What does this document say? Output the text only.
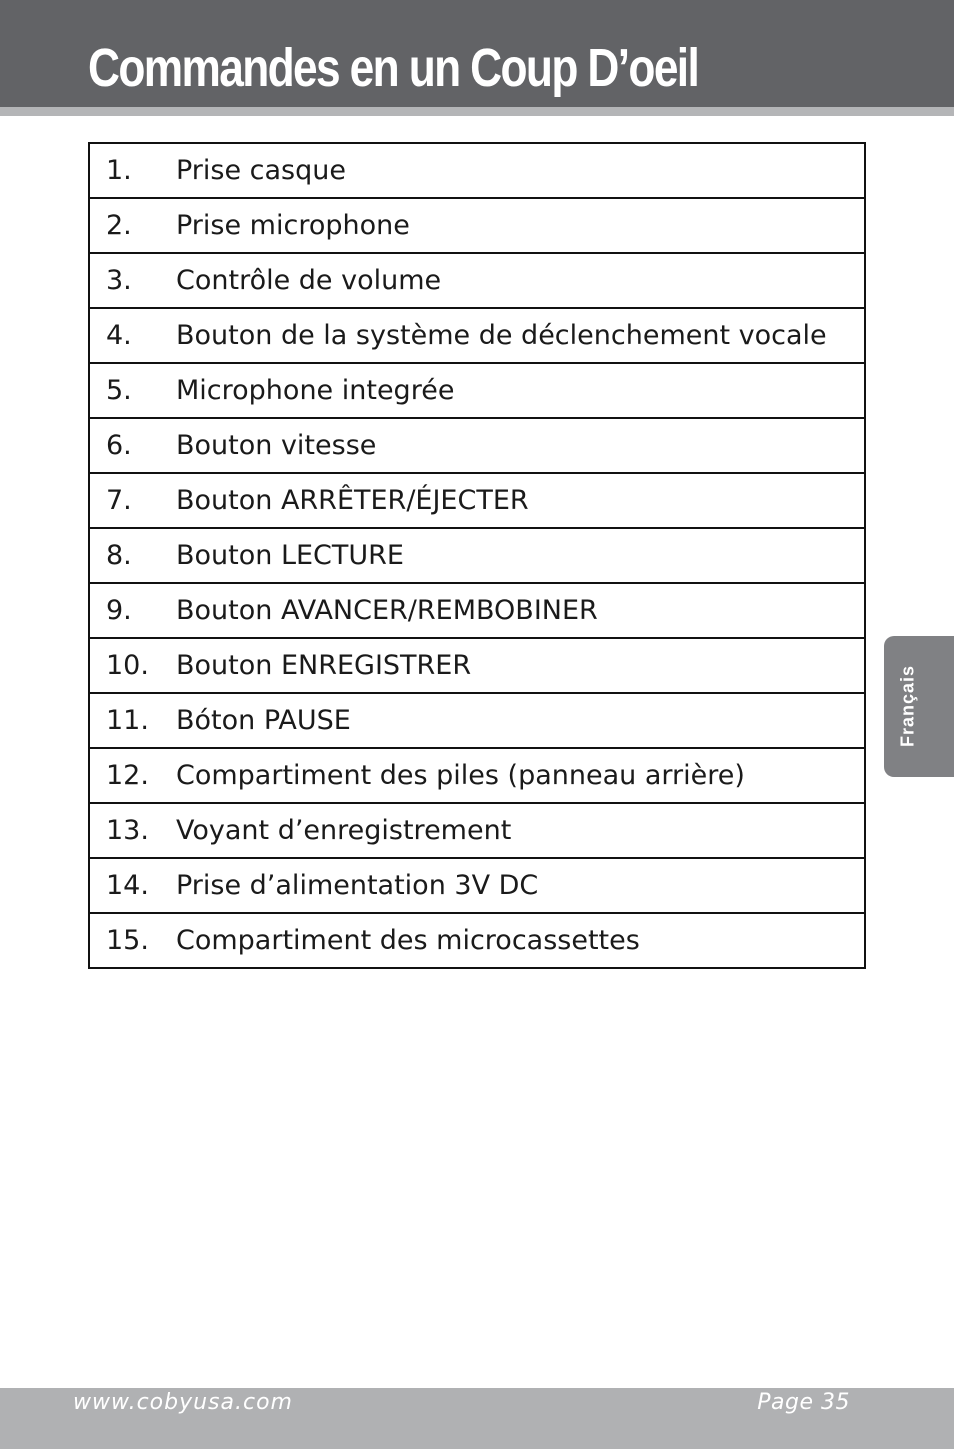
Commandes en un Coup D’oeil
1.	Prise casque
2.	Prise microphone
3.	Contrôle de volume
4.	Bouton de la système de déclenchement vocale
5.	Microphone integrée
6.	Bouton vitesse
7.	Bouton ARRÊTER/ÉJECTER
8.	Bouton LECTURE
9.	Bouton AVANCER/REMBOBINER
10.	Bouton ENREGISTRER
11.	Bóton PAUSE
12.	Compartiment des piles (panneau arrière)
13.	Voyant d’enregistrement
14.	Prise d’alimentation 3V DC
15.	Compartiment des microcassettes
Français
www.cobyusa.com	Page 35
